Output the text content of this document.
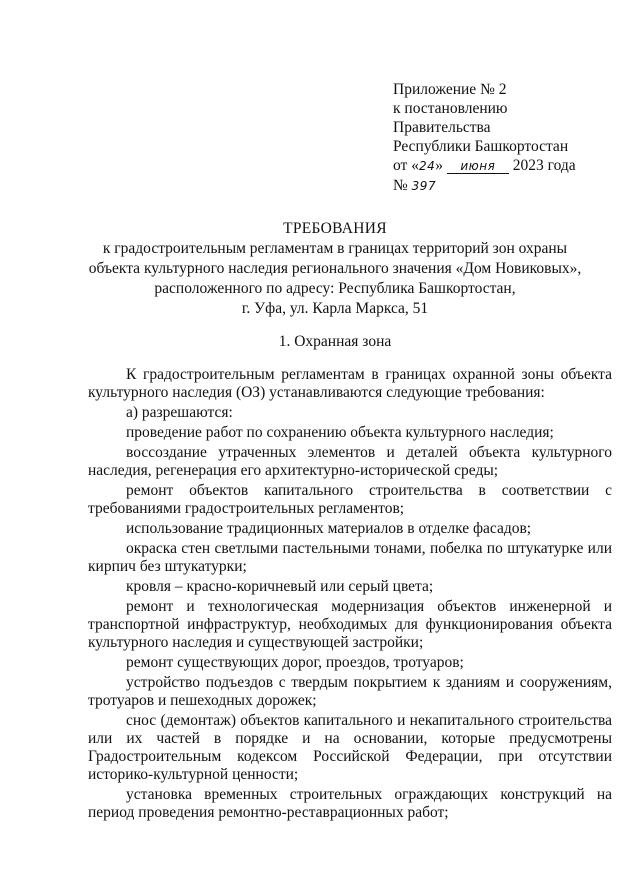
Приложение № 2
к постановлению
Правительства
Республики Башкортостан
от «24» июня 2023 года
№ 397
ТРЕБОВАНИЯ
к градостроительным регламентам в границах территорий зон охраны
объекта культурного наследия регионального значения «Дом Новиковых»,
расположенного по адресу: Республика Башкортостан,
г. Уфа, ул. Карла Маркса, 51
1. Охранная зона

К градостроительным регламентам в границах охранной зоны объекта культурного наследия (ОЗ) устанавливаются следующие требования:

а) разрешаются:

проведение работ по сохранению объекта культурного наследия;

воссоздание утраченных элементов и деталей объекта культурного наследия, регенерация его архитектурно-исторической среды;

ремонт объектов капитального строительства в соответствии с требованиями градостроительных регламентов;

использование традиционных материалов в отделке фасадов;

окраска стен светлыми пастельными тонами, побелка по штукатурке или кирпич без штукатурки;

кровля – красно-коричневый или серый цвета;

ремонт и технологическая модернизация объектов инженерной и транспортной инфраструктур, необходимых для функционирования объекта культурного наследия и существующей застройки;

ремонт существующих дорог, проездов, тротуаров;

устройство подъездов с твердым покрытием к зданиям и сооружениям, тротуаров и пешеходных дорожек;

снос (демонтаж) объектов капитального и некапитального строительства или их частей в порядке и на основании, которые предусмотрены Градостроительным кодексом Российской Федерации, при отсутствии историко-культурной ценности;

установка временных строительных ограждающих конструкций на период проведения ремонтно-реставрационных работ;
